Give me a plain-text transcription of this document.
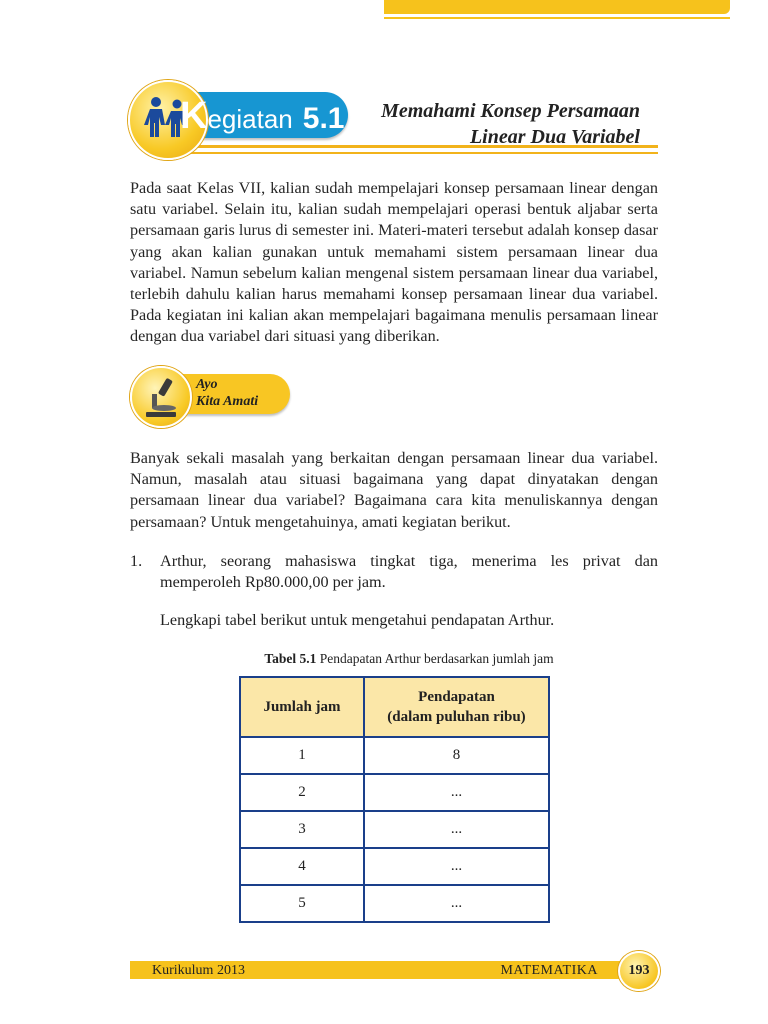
Kegiatan 5.1 Memahami Konsep Persamaan
Linear Dua Variabel

Pada saat Kelas VII, kalian sudah mempelajari konsep persamaan linear dengan satu variabel. Selain itu, kalian sudah mempelajari operasi bentuk aljabar serta persamaan garis lurus di semester ini. Materi-materi tersebut adalah konsep dasar yang akan kalian gunakan untuk memahami sistem persamaan linear dua variabel. Namun sebelum kalian mengenal sistem persamaan linear dua variabel, terlebih dahulu kalian harus memahami konsep persamaan linear dua variabel. Pada kegiatan ini kalian akan mempelajari bagaimana menulis persamaan linear dengan dua variabel dari situasi yang diberikan.

Ayo
Kita Amati

Banyak sekali masalah yang berkaitan dengan persamaan linear dua variabel. Namun, masalah atau situasi bagaimana yang dapat dinyatakan dengan persamaan linear dua variabel? Bagaimana cara kita menuliskannya dengan persamaan? Untuk mengetahuinya, amati kegiatan berikut.

1. Arthur, seorang mahasiswa tingkat tiga, menerima les privat dan memperoleh Rp80.000,00 per jam.

Lengkapi tabel berikut untuk mengetahui pendapatan Arthur.
Tabel 5.1 Pendapatan Arthur berdasarkan jumlah jam
Jumlah jam	Pendapatan
(dalam puluhan ribu)

1	8
2	...
3	...
4	...
5	...
Kurikulum 2013	MATEMATIKA	193
